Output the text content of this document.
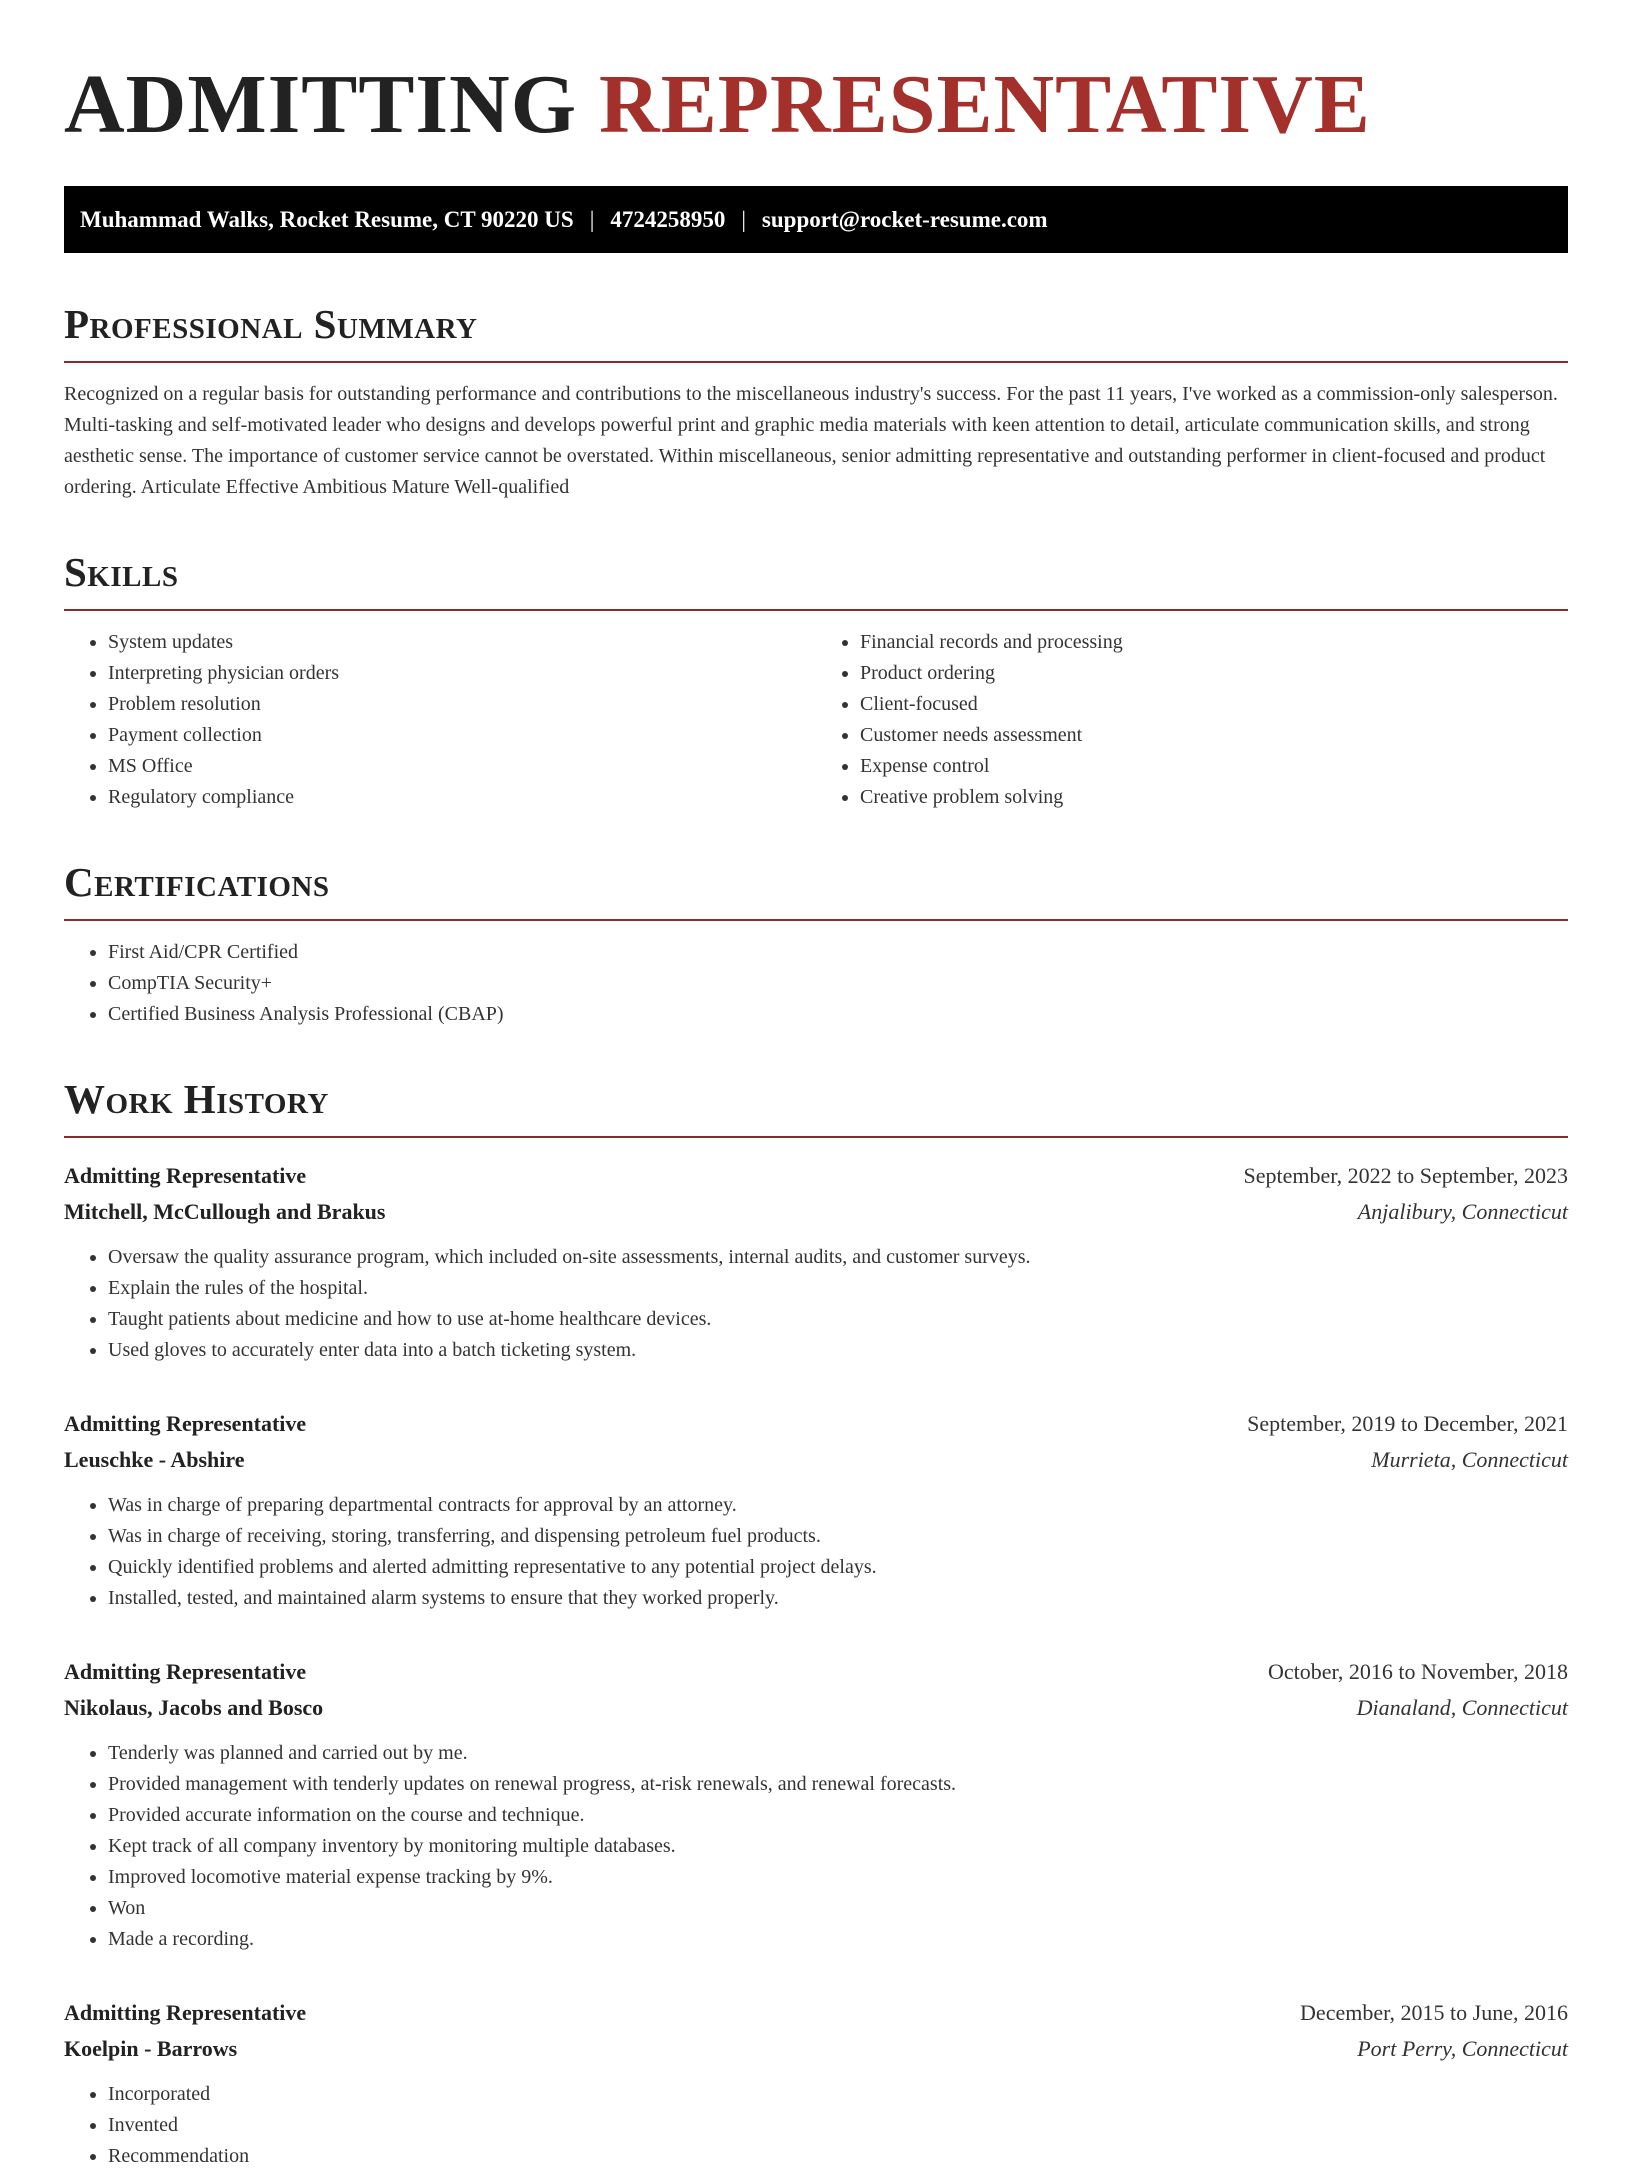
ADMITTING REPRESENTATIVE
Muhammad Walks, Rocket Resume, CT 90220 US | 4724258950 | support@rocket-resume.com
Professional Summary

Recognized on a regular basis for outstanding performance and contributions to the miscellaneous industry's success. For the past 11 years, I've worked as a commission-only salesperson. Multi-tasking and self-motivated leader who designs and develops powerful print and graphic media materials with keen attention to detail, articulate communication skills, and strong aesthetic sense. The importance of customer service cannot be overstated. Within miscellaneous, senior admitting representative and outstanding performer in client-focused and product ordering. Articulate Effective Ambitious Mature Well-qualified

Skills
• System updates
• Interpreting physician orders
• Problem resolution
• Payment collection
• MS Office
• Regulatory compliance
• Financial records and processing
• Product ordering
• Client-focused
• Customer needs assessment
• Expense control
• Creative problem solving
Certifications
• First Aid/CPR Certified
• CompTIA Security+
• Certified Business Analysis Professional (CBAP)
Work History
Admitting Representative	September, 2022 to September, 2023
Mitchell, McCullough and Brakus	Anjalibury, Connecticut
• Oversaw the quality assurance program, which included on-site assessments, internal audits, and customer surveys.
• Explain the rules of the hospital.
• Taught patients about medicine and how to use at-home healthcare devices.
• Used gloves to accurately enter data into a batch ticketing system.
Admitting Representative	September, 2019 to December, 2021
Leuschke - Abshire	Murrieta, Connecticut
• Was in charge of preparing departmental contracts for approval by an attorney.
• Was in charge of receiving, storing, transferring, and dispensing petroleum fuel products.
• Quickly identified problems and alerted admitting representative to any potential project delays.
• Installed, tested, and maintained alarm systems to ensure that they worked properly.
Admitting Representative	October, 2016 to November, 2018
Nikolaus, Jacobs and Bosco	Dianaland, Connecticut
• Tenderly was planned and carried out by me.
• Provided management with tenderly updates on renewal progress, at-risk renewals, and renewal forecasts.
• Provided accurate information on the course and technique.
• Kept track of all company inventory by monitoring multiple databases.
• Improved locomotive material expense tracking by 9%.
• Won
• Made a recording.
Admitting Representative	December, 2015 to June, 2016
Koelpin - Barrows	Port Perry, Connecticut
• Incorporated
• Invented
• Recommendation
